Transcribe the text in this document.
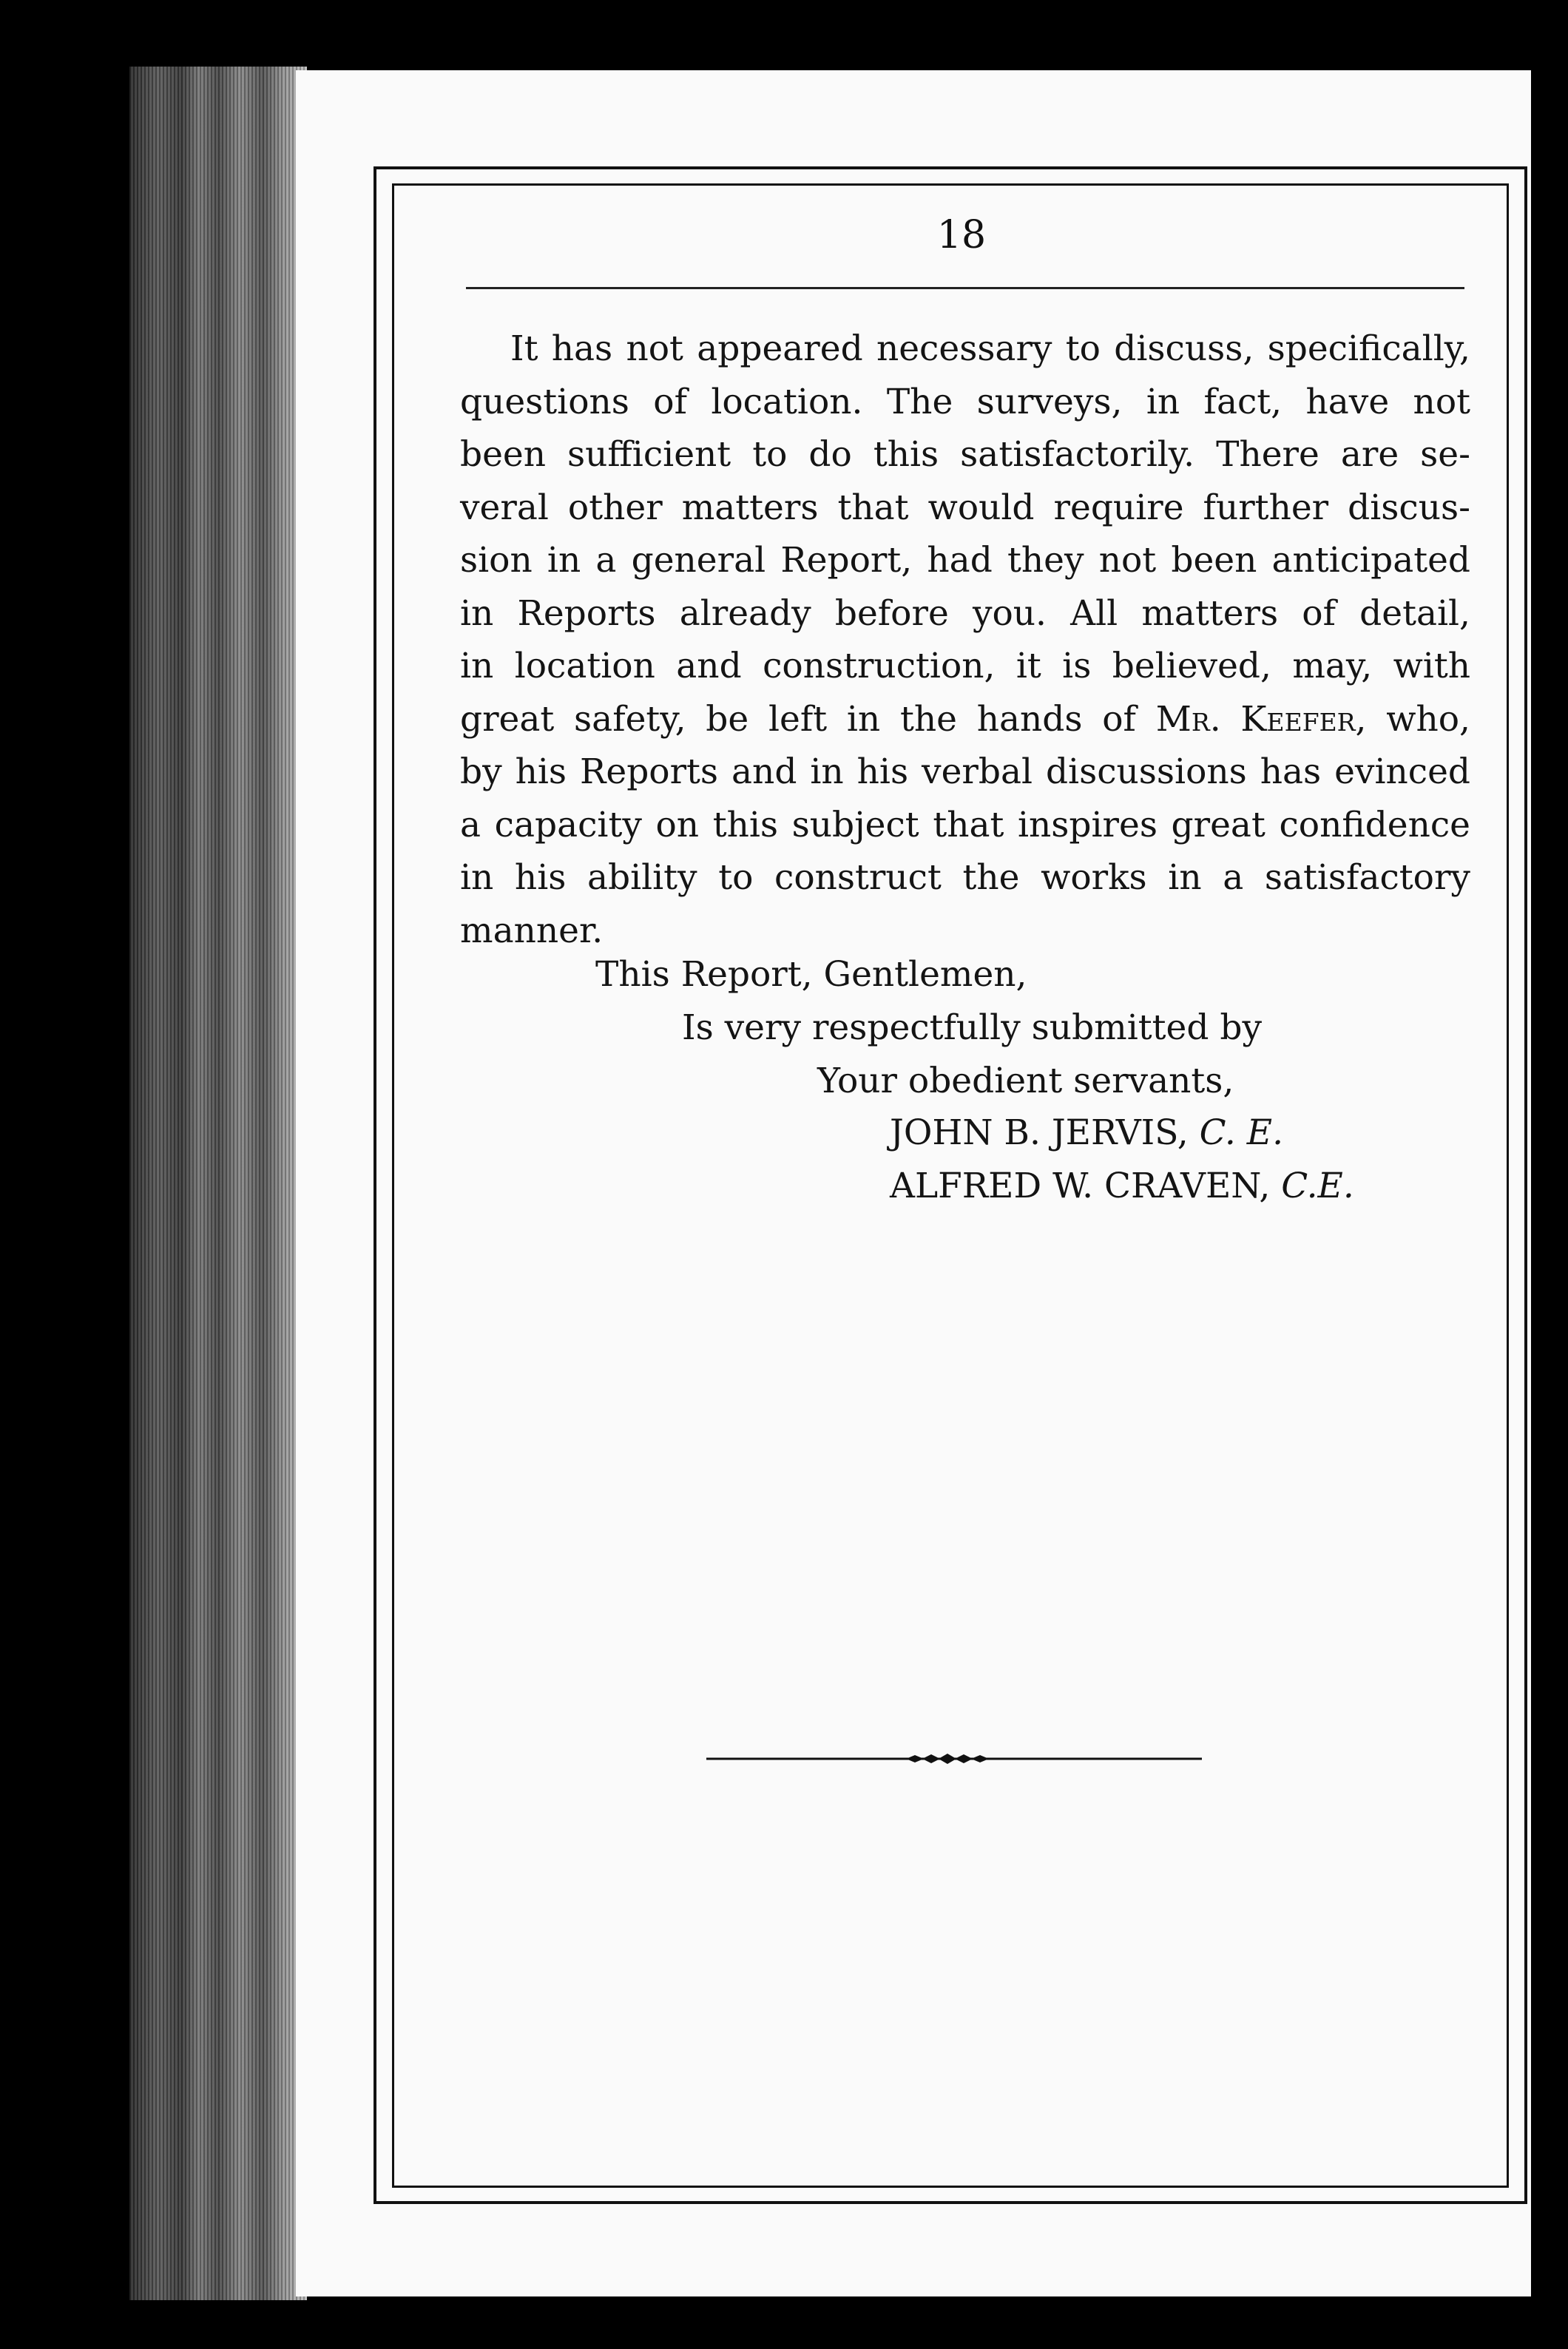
18
It has not appeared necessary to discuss, specifically,
questions of location. The surveys, in fact, have not
been sufficient to do this satisfactorily. There are se-
veral other matters that would require further discus-
sion in a general Report, had they not been anticipated
in Reports already before you. All matters of detail,
in location and construction, it is believed, may, with
great safety, be left in the hands of Mr. Keefer, who,
by his Reports and in his verbal discussions has evinced
a capacity on this subject that inspires great confidence
in his ability to construct the works in a satisfactory
manner.
This Report, Gentlemen,
Is very respectfully submitted by
Your obedient servants,
JOHN B. JERVIS, C. E.
ALFRED W. CRAVEN, C.E.
